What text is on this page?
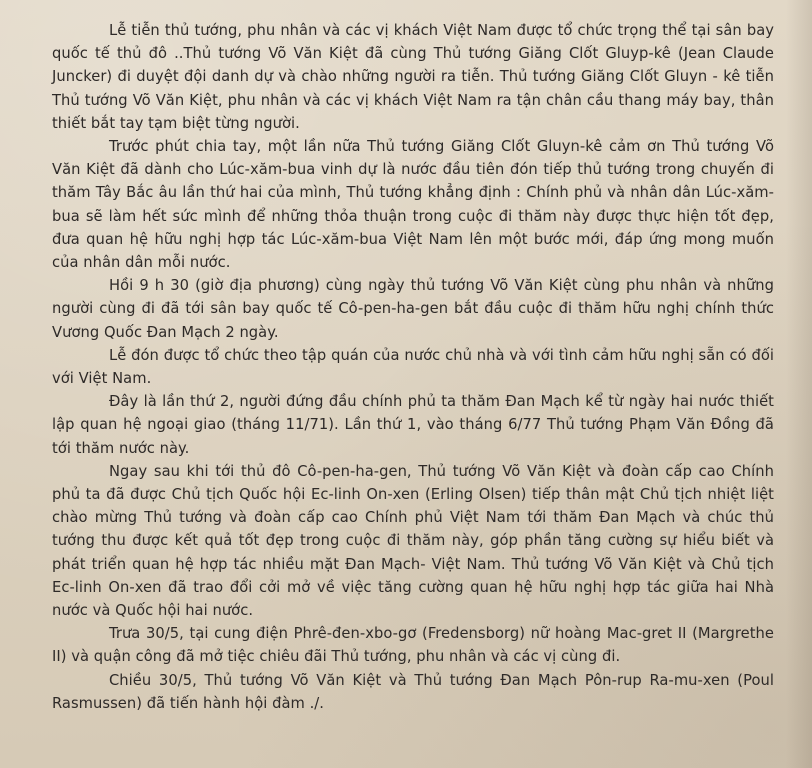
Lễ tiễn thủ tướng, phu nhân và các vị khách Việt Nam được tổ chức trọng thể tại sân bay quốc tế thủ đô ..Thủ tướng Võ Văn Kiệt đã cùng Thủ tướng Giăng Clốt Gluyp-kê (Jean Claude Juncker) đi duyệt đội danh dự và chào những người ra tiễn. Thủ tướng Giăng Clốt Gluyn - kê tiễn Thủ tướng Võ Văn Kiệt, phu nhân và các vị khách Việt Nam ra tận chân cầu thang máy bay, thân thiết bắt tay tạm biệt từng người.

Trước phút chia tay, một lần nữa Thủ tướng Giăng Clốt Gluyn-kê cảm ơn Thủ tướng Võ Văn Kiệt đã dành cho Lúc-xăm-bua vinh dự là nước đầu tiên đón tiếp thủ tướng trong chuyến đi thăm Tây Bắc âu lần thứ hai của mình, Thủ tướng khẳng định : Chính phủ và nhân dân Lúc-xăm-bua sẽ làm hết sức mình để những thỏa thuận trong cuộc đi thăm này được thực hiện tốt đẹp, đưa quan hệ hữu nghị hợp tác Lúc-xăm-bua Việt Nam lên một bước mới, đáp ứng mong muốn của nhân dân mỗi nước.

Hồi 9 h 30 (giờ địa phương) cùng ngày thủ tướng Võ Văn Kiệt cùng phu nhân và những người cùng đi đã tới sân bay quốc tế Cô-pen-ha-gen bắt đầu cuộc đi thăm hữu nghị chính thức Vương Quốc Đan Mạch 2 ngày.

Lễ đón được tổ chức theo tập quán của nước chủ nhà và với tình cảm hữu nghị sẵn có đối với Việt Nam.

Đây là lần thứ 2, người đứng đầu chính phủ ta thăm Đan Mạch kể từ ngày hai nước thiết lập quan hệ ngoại giao (tháng 11/71). Lần thứ 1, vào tháng 6/77 Thủ tướng Phạm Văn Đồng đã tới thăm nước này.

Ngay sau khi tới thủ đô Cô-pen-ha-gen, Thủ tướng Võ Văn Kiệt và đoàn cấp cao Chính phủ ta đã được Chủ tịch Quốc hội Ec-linh On-xen (Erling Olsen) tiếp thân mật Chủ tịch nhiệt liệt chào mừng Thủ tướng và đoàn cấp cao Chính phủ Việt Nam tới thăm Đan Mạch và chúc thủ tướng thu được kết quả tốt đẹp trong cuộc đi thăm này, góp phần tăng cường sự hiểu biết và phát triển quan hệ hợp tác nhiều mặt Đan Mạch- Việt Nam. Thủ tướng Võ Văn Kiệt và Chủ tịch Ec-linh On-xen đã trao đổi cởi mở về việc tăng cường quan hệ hữu nghị hợp tác giữa hai Nhà nước và Quốc hội hai nước.

Trưa 30/5, tại cung điện Phrê-đen-xbo-gơ (Fredensborg) nữ hoàng Mac-gret II (Margrethe II) và quận công đã mở tiệc chiêu đãi Thủ tướng, phu nhân và các vị cùng đi.

Chiều 30/5, Thủ tướng Võ Văn Kiệt và Thủ tướng Đan Mạch Pôn-rup Ra-mu-xen (Poul Rasmussen) đã tiến hành hội đàm ./.
